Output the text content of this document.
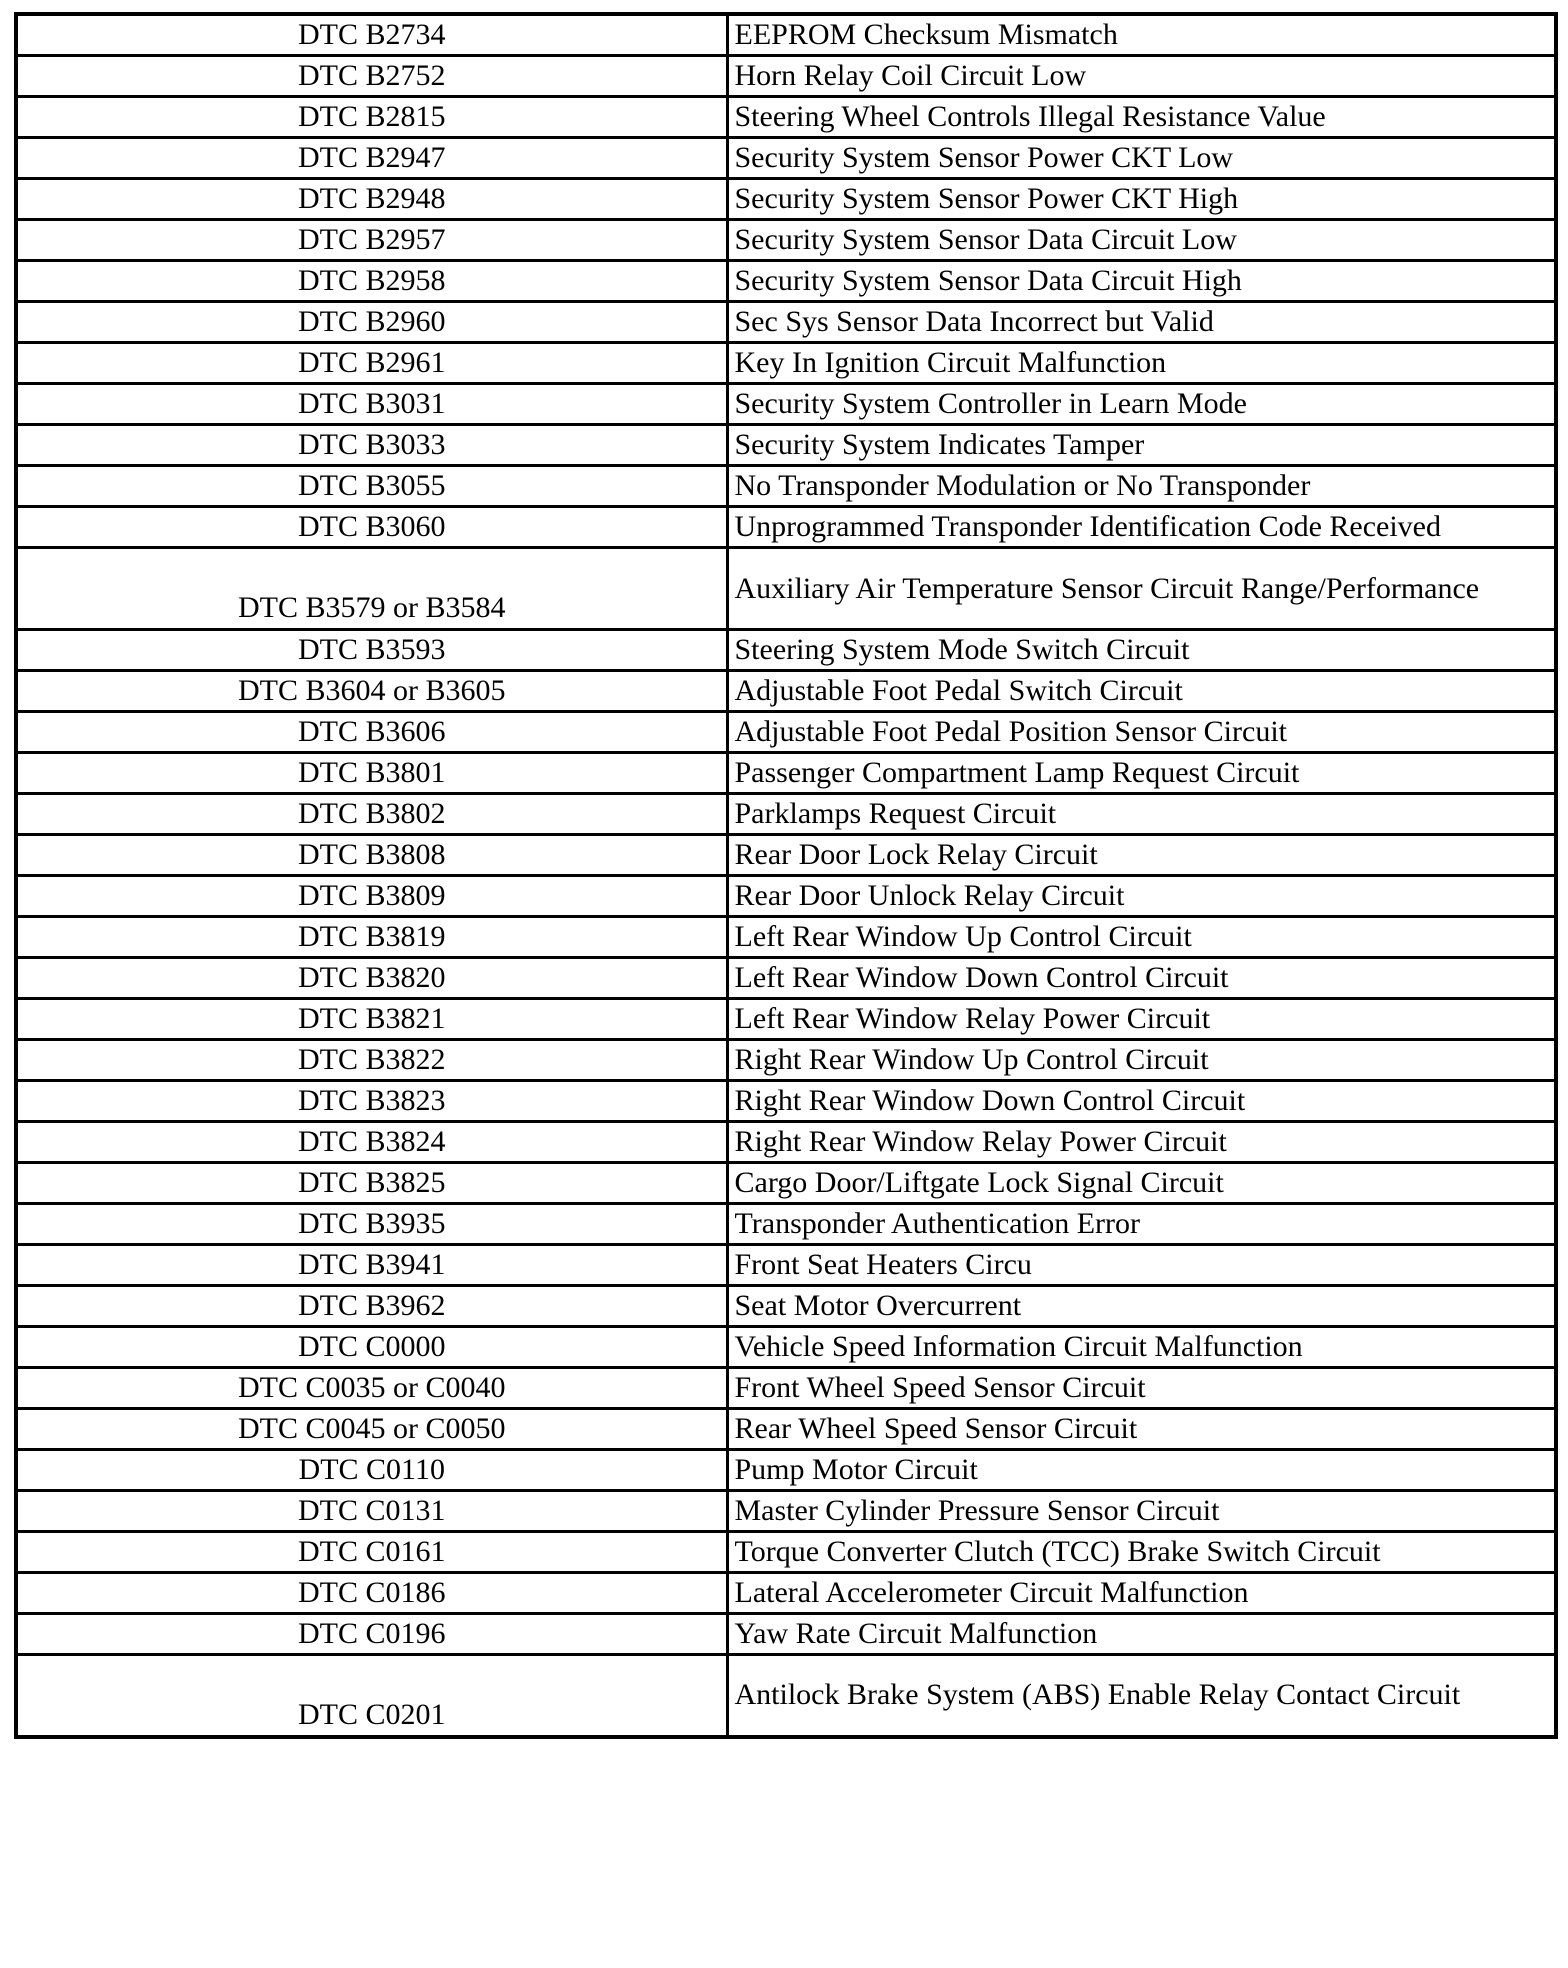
DTC B2734	EEPROM Checksum Mismatch
DTC B2752	Horn Relay Coil Circuit Low
DTC B2815	Steering Wheel Controls Illegal Resistance Value
DTC B2947	Security System Sensor Power CKT Low
DTC B2948	Security System Sensor Power CKT High
DTC B2957	Security System Sensor Data Circuit Low
DTC B2958	Security System Sensor Data Circuit High
DTC B2960	Sec Sys Sensor Data Incorrect but Valid
DTC B2961	Key In Ignition Circuit Malfunction
DTC B3031	Security System Controller in Learn Mode
DTC B3033	Security System Indicates Tamper
DTC B3055	No Transponder Modulation or No Transponder
DTC B3060	Unprogrammed Transponder Identification Code Received
DTC B3579 or B3584	Auxiliary Air Temperature Sensor Circuit Range/Performance
DTC B3593	Steering System Mode Switch Circuit
DTC B3604 or B3605	Adjustable Foot Pedal Switch Circuit
DTC B3606	Adjustable Foot Pedal Position Sensor Circuit
DTC B3801	Passenger Compartment Lamp Request Circuit
DTC B3802	Parklamps Request Circuit
DTC B3808	Rear Door Lock Relay Circuit
DTC B3809	Rear Door Unlock Relay Circuit
DTC B3819	Left Rear Window Up Control Circuit
DTC B3820	Left Rear Window Down Control Circuit
DTC B3821	Left Rear Window Relay Power Circuit
DTC B3822	Right Rear Window Up Control Circuit
DTC B3823	Right Rear Window Down Control Circuit
DTC B3824	Right Rear Window Relay Power Circuit
DTC B3825	Cargo Door/Liftgate Lock Signal Circuit
DTC B3935	Transponder Authentication Error
DTC B3941	Front Seat Heaters Circu
DTC B3962	Seat Motor Overcurrent
DTC C0000	Vehicle Speed Information Circuit Malfunction
DTC C0035 or C0040	Front Wheel Speed Sensor Circuit
DTC C0045 or C0050	Rear Wheel Speed Sensor Circuit
DTC C0110	Pump Motor Circuit
DTC C0131	Master Cylinder Pressure Sensor Circuit
DTC C0161	Torque Converter Clutch (TCC) Brake Switch Circuit
DTC C0186	Lateral Accelerometer Circuit Malfunction
DTC C0196	Yaw Rate Circuit Malfunction
DTC C0201	Antilock Brake System (ABS) Enable Relay Contact Circuit
